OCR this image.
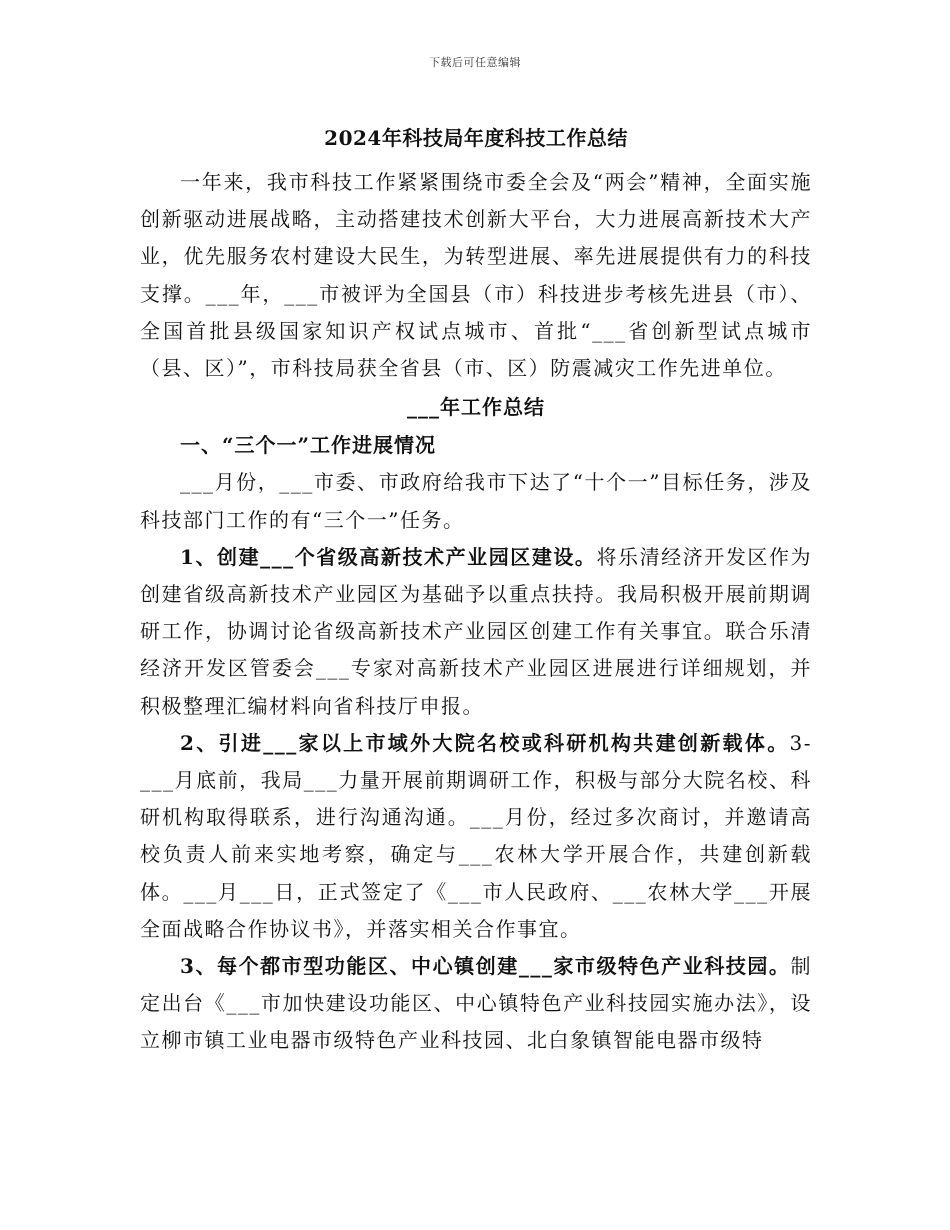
下载后可任意编辑
2024年科技局年度科技工作总结

一年来，我市科技工作紧紧围绕市委全会及“两会”精神，全面实施创新驱动进展战略，主动搭建技术创新大平台，大力进展高新技术大产业，优先服务农村建设大民生，为转型进展、率先进展提供有力的科技支撑。___年，___市被评为全国县（市）科技进步考核先进县（市）、全国首批县级国家知识产权试点城市、首批“___省创新型试点城市（县、区）”，市科技局获全省县（市、区）防震减灾工作先进单位。

___年工作总结

一、“三个一”工作进展情况

___月份，___市委、市政府给我市下达了“十个一”目标任务，涉及科技部门工作的有“三个一”任务。

1、创建___个省级高新技术产业园区建设。将乐清经济开发区作为创建省级高新技术产业园区为基础予以重点扶持。我局积极开展前期调研工作，协调讨论省级高新技术产业园区创建工作有关事宜。联合乐清经济开发区管委会___专家对高新技术产业园区进展进行详细规划，并积极整理汇编材料向省科技厅申报。

2、引进___家以上市域外大院名校或科研机构共建创新载体。3-___月底前，我局___力量开展前期调研工作，积极与部分大院名校、科研机构取得联系，进行沟通沟通。___月份，经过多次商讨，并邀请高校负责人前来实地考察，确定与___农林大学开展合作，共建创新载体。___月___日，正式签定了《___市人民政府、___农林大学___开展全面战略合作协议书》，并落实相关合作事宜。

3、每个都市型功能区、中心镇创建___家市级特色产业科技园。制定出台《___市加快建设功能区、中心镇特色产业科技园实施办法》，设立柳市镇工业电器市级特色产业科技园、北白象镇智能电器市级特
